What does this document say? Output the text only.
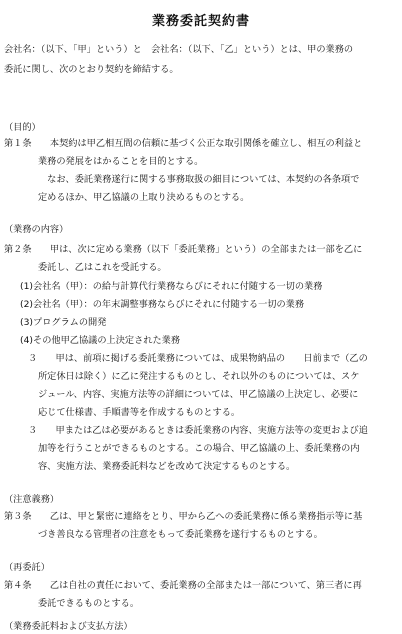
業務委託契約書
会社名：（以下、「甲」という）と　会社名：（以下、「乙」という）とは、甲の業務の
委託に関し、次のとおり契約を締結する。
（目的）
第１条　　本契約は甲乙相互間の信頼に基づく公正な取引関係を確立し、相互の利益と
業務の発展をはかることを目的とする。
　なお、委託業務遂行に関する事務取扱の細目については、本契約の各条項で
定めるほか、甲乙協議の上取り決めるものとする。
（業務の内容）
第２条　　甲は、次に定める業務（以下「委託業務」という）の全部または一部を乙に
委託し、乙はこれを受託する。
(1)会社名（甲）：の給与計算代行業務ならびにそれに付随する一切の業務
(2)会社名（甲）：の年末調整事務ならびにそれに付随する一切の業務
(3)プログラムの開発
(4)その他甲乙協議の上決定された業務
３　　甲は、前項に掲げる委託業務については、成果物納品の　　日前まで（乙の
所定休日は除く）に乙に発注するものとし、それ以外のものについては、スケ
ジュール、内容、実施方法等の詳細については、甲乙協議の上決定し、必要に
応じて仕様書、手順書等を作成するものとする。
３　　甲または乙は必要があるときは委託業務の内容、実施方法等の変更および追
加等を行うことができるものとする。この場合、甲乙協議の上、委託業務の内
容、実施方法、業務委託料などを改めて決定するものとする。
（注意義務）
第３条　　乙は、甲と緊密に連絡をとり、甲から乙への委託業務に係る業務指示等に基
づき善良なる管理者の注意をもって委託業務を遂行するものとする。
（再委託）
第４条　　乙は自社の責任において、委託業務の全部または一部について、第三者に再
委託できるものとする。
（業務委託料および支払方法）
